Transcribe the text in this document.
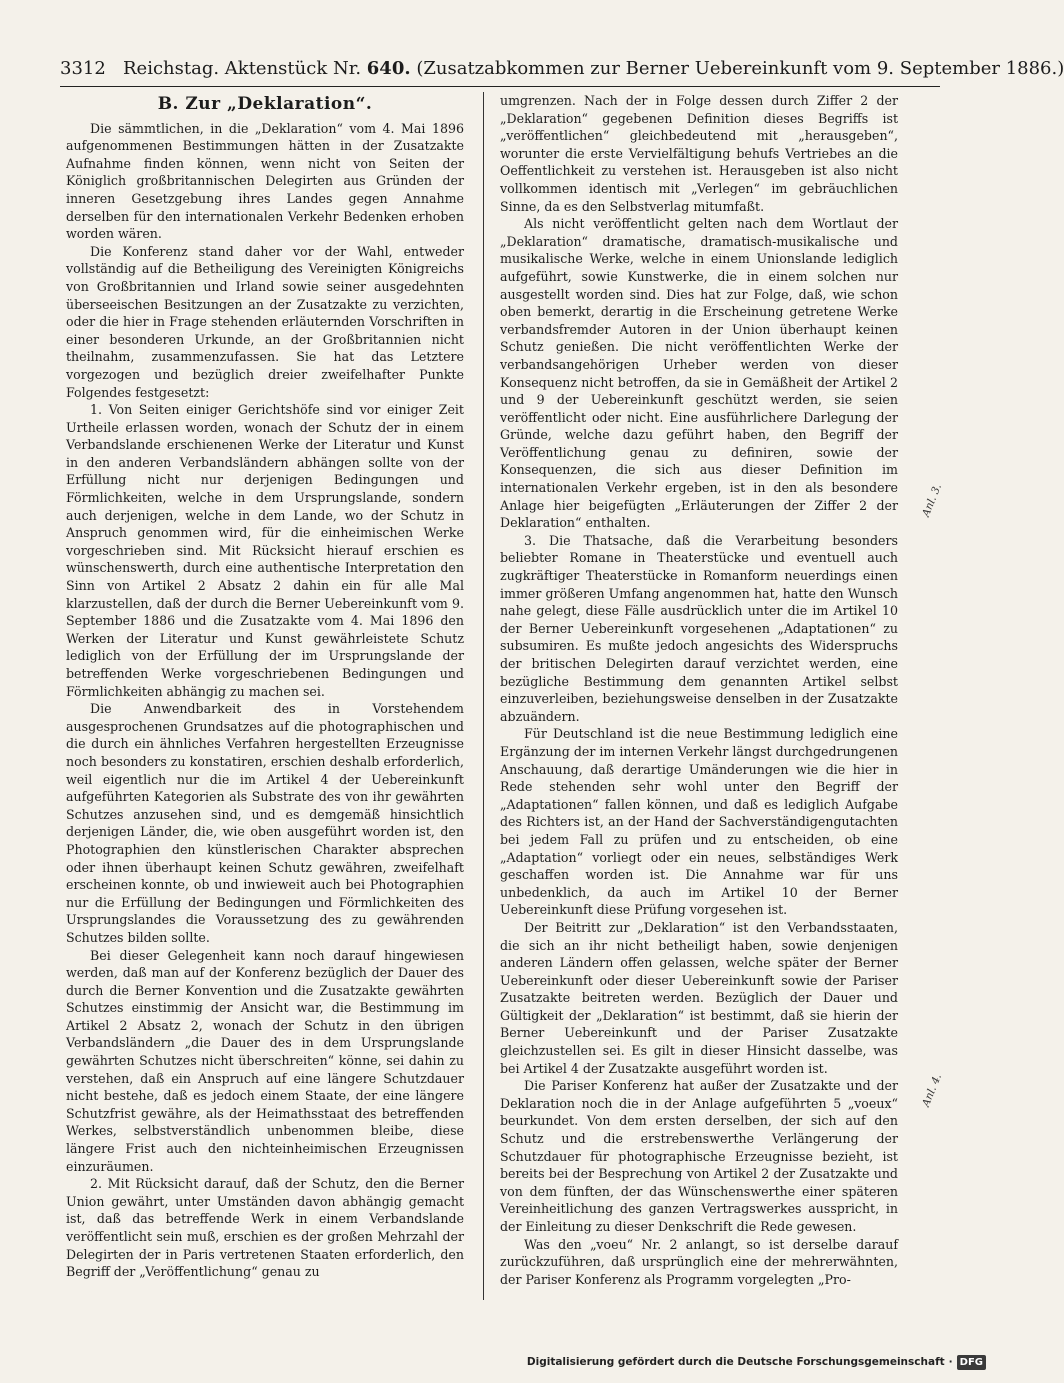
3312 Reichstag. Aktenstück Nr. 640. (Zusatzabkommen zur Berner Uebereinkunft vom 9. September 1886.)
B. Zur „Deklaration“.

Die sämmtlichen, in die „Deklaration“ vom 4. Mai 1896 aufgenommenen Bestimmungen hätten in der Zusatzakte Aufnahme finden können, wenn nicht von Seiten der Königlich großbritannischen Delegirten aus Gründen der inneren Gesetzgebung ihres Landes gegen Annahme derselben für den internationalen Verkehr Bedenken erhoben worden wären.

Die Konferenz stand daher vor der Wahl, entweder vollständig auf die Betheiligung des Vereinigten Königreichs von Großbritannien und Irland sowie seiner ausgedehnten überseeischen Besitzungen an der Zusatzakte zu verzichten, oder die hier in Frage stehenden erläuternden Vorschriften in einer besonderen Urkunde, an der Großbritannien nicht theilnahm, zusammenzufassen. Sie hat das Letztere vorgezogen und bezüglich dreier zweifelhafter Punkte Folgendes festgesetzt:

1. Von Seiten einiger Gerichtshöfe sind vor einiger Zeit Urtheile erlassen worden, wonach der Schutz der in einem Verbandslande erschienenen Werke der Literatur und Kunst in den anderen Verbandsländern abhängen sollte von der Erfüllung nicht nur derjenigen Bedingungen und Förmlichkeiten, welche in dem Ursprungslande, sondern auch derjenigen, welche in dem Lande, wo der Schutz in Anspruch genommen wird, für die einheimischen Werke vorgeschrieben sind. Mit Rücksicht hierauf erschien es wünschenswerth, durch eine authentische Interpretation den Sinn von Artikel 2 Absatz 2 dahin ein für alle Mal klarzustellen, daß der durch die Berner Uebereinkunft vom 9. September 1886 und die Zusatzakte vom 4. Mai 1896 den Werken der Literatur und Kunst gewährleistete Schutz lediglich von der Erfüllung der im Ursprungslande der betreffenden Werke vorgeschriebenen Bedingungen und Förmlichkeiten abhängig zu machen sei.

Die Anwendbarkeit des in Vorstehendem ausgesprochenen Grundsatzes auf die photographischen und die durch ein ähnliches Verfahren hergestellten Erzeugnisse noch besonders zu konstatiren, erschien deshalb erforderlich, weil eigentlich nur die im Artikel 4 der Uebereinkunft aufgeführten Kategorien als Substrate des von ihr gewährten Schutzes anzusehen sind, und es demgemäß hinsichtlich derjenigen Länder, die, wie oben ausgeführt worden ist, den Photographien den künstlerischen Charakter absprechen oder ihnen überhaupt keinen Schutz gewähren, zweifelhaft erscheinen konnte, ob und inwieweit auch bei Photographien nur die Erfüllung der Bedingungen und Förmlichkeiten des Ursprungslandes die Voraussetzung des zu gewährenden Schutzes bilden sollte.

Bei dieser Gelegenheit kann noch darauf hingewiesen werden, daß man auf der Konferenz bezüglich der Dauer des durch die Berner Konvention und die Zusatzakte gewährten Schutzes einstimmig der Ansicht war, die Bestimmung im Artikel 2 Absatz 2, wonach der Schutz in den übrigen Verbandsländern „die Dauer des in dem Ursprungslande gewährten Schutzes nicht überschreiten“ könne, sei dahin zu verstehen, daß ein Anspruch auf eine längere Schutzdauer nicht bestehe, daß es jedoch einem Staate, der eine längere Schutzfrist gewähre, als der Heimathsstaat des betreffenden Werkes, selbstverständlich unbenommen bleibe, diese längere Frist auch den nichteinheimischen Erzeugnissen einzuräumen.

2. Mit Rücksicht darauf, daß der Schutz, den die Berner Union gewährt, unter Umständen davon abhängig gemacht ist, daß das betreffende Werk in einem Verbandslande veröffentlicht sein muß, erschien es der großen Mehrzahl der Delegirten der in Paris vertretenen Staaten erforderlich, den Begriff der „Veröffentlichung“ genau zu

umgrenzen. Nach der in Folge dessen durch Ziffer 2 der „Deklaration“ gegebenen Definition dieses Begriffs ist „veröffentlichen“ gleichbedeutend mit „herausgeben“, worunter die erste Vervielfältigung behufs Vertriebes an die Oeffentlichkeit zu verstehen ist. Herausgeben ist also nicht vollkommen identisch mit „Verlegen“ im gebräuchlichen Sinne, da es den Selbstverlag mitumfaßt.

Als nicht veröffentlicht gelten nach dem Wortlaut der „Deklaration“ dramatische, dramatisch-musikalische und musikalische Werke, welche in einem Unionslande lediglich aufgeführt, sowie Kunstwerke, die in einem solchen nur ausgestellt worden sind. Dies hat zur Folge, daß, wie schon oben bemerkt, derartig in die Erscheinung getretene Werke verbandsfremder Autoren in der Union überhaupt keinen Schutz genießen. Die nicht veröffentlichten Werke der verbandsangehörigen Urheber werden von dieser Konsequenz nicht betroffen, da sie in Gemäßheit der Artikel 2 und 9 der Uebereinkunft geschützt werden, sie seien veröffentlicht oder nicht. Eine ausführlichere Darlegung der Gründe, welche dazu geführt haben, den Begriff der Veröffentlichung genau zu definiren, sowie der Konsequenzen, die sich aus dieser Definition im internationalen Verkehr ergeben, ist in den als besondere Anlage hier beigefügten „Erläuterungen der Ziffer 2 der Deklaration“ enthalten.

3. Die Thatsache, daß die Verarbeitung besonders beliebter Romane in Theaterstücke und eventuell auch zugkräftiger Theaterstücke in Romanform neuerdings einen immer größeren Umfang angenommen hat, hatte den Wunsch nahe gelegt, diese Fälle ausdrücklich unter die im Artikel 10 der Berner Uebereinkunft vorgesehenen „Adaptationen“ zu subsumiren. Es mußte jedoch angesichts des Widerspruchs der britischen Delegirten darauf verzichtet werden, eine bezügliche Bestimmung dem genannten Artikel selbst einzuverleiben, beziehungsweise denselben in der Zusatzakte abzuändern.

Für Deutschland ist die neue Bestimmung lediglich eine Ergänzung der im internen Verkehr längst durchgedrungenen Anschauung, daß derartige Umänderungen wie die hier in Rede stehenden sehr wohl unter den Begriff der „Adaptationen“ fallen können, und daß es lediglich Aufgabe des Richters ist, an der Hand der Sachverständigengutachten bei jedem Fall zu prüfen und zu entscheiden, ob eine „Adaptation“ vorliegt oder ein neues, selbständiges Werk geschaffen worden ist. Die Annahme war für uns unbedenklich, da auch im Artikel 10 der Berner Uebereinkunft diese Prüfung vorgesehen ist.

Der Beitritt zur „Deklaration“ ist den Verbandsstaaten, die sich an ihr nicht betheiligt haben, sowie denjenigen anderen Ländern offen gelassen, welche später der Berner Uebereinkunft oder dieser Uebereinkunft sowie der Pariser Zusatzakte beitreten werden. Bezüglich der Dauer und Gültigkeit der „Deklaration“ ist bestimmt, daß sie hierin der Berner Uebereinkunft und der Pariser Zusatzakte gleichzustellen sei. Es gilt in dieser Hinsicht dasselbe, was bei Artikel 4 der Zusatzakte ausgeführt worden ist.

Die Pariser Konferenz hat außer der Zusatzakte und der Deklaration noch die in der Anlage aufgeführten 5 „voeux“ beurkundet. Von dem ersten derselben, der sich auf den Schutz und die erstrebenswerthe Verlängerung der Schutzdauer für photographische Erzeugnisse bezieht, ist bereits bei der Besprechung von Artikel 2 der Zusatzakte und von dem fünften, der das Wünschenswerthe einer späteren Vereinheitlichung des ganzen Vertragswerkes ausspricht, in der Einleitung zu dieser Denkschrift die Rede gewesen.

Was den „voeu“ Nr. 2 anlangt, so ist derselbe darauf zurückzuführen, daß ursprünglich eine der mehrerwähnten, der Pariser Konferenz als Programm vorgelegten „Pro-

Anl. 3.
Anl. 4.
Digitalisierung gefördert durch die Deutsche Forschungsgemeinschaft · DFG
